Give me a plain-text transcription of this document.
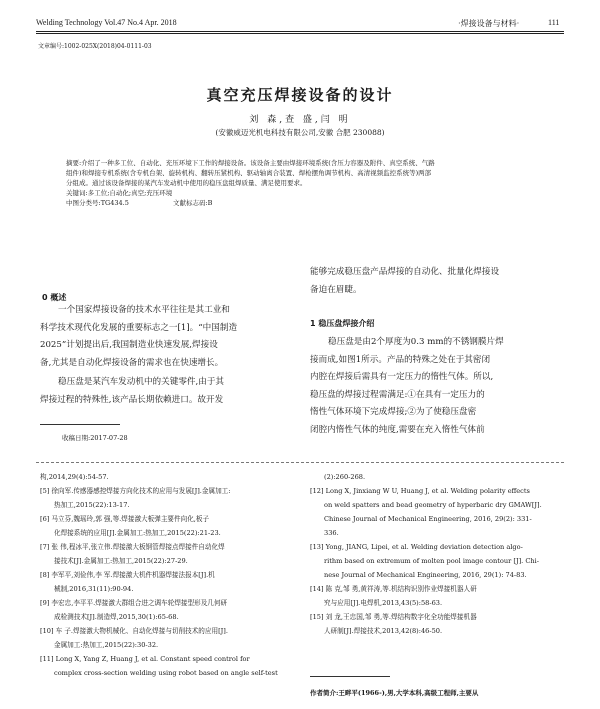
Welding Technology Vol.47 No.4 Apr. 2018	·焊接设备与材料·	111
文章编号:1002-025X(2018)04-0111-03
真空充压焊接设备的设计
刘 森,查 盛,闫 明
(安徽威迈光机电科技有限公司,安徽 合肥 230088)
摘要:介绍了一种多工位、自动化、充压环境下工作的焊接设备。该设备主要由焊接环境系统(含压力容器及附件、真空系统、气路
组件)和焊接专机系统(含专机台架、旋转机构、翻转压紧机构、驱动轴离合装置、焊枪摆角调节机构、高清视频监控系统等)两部
分组成。通过该设备焊接的某汽车发动机中使用的稳压盘组焊质量、满足使用要求。
关键词:多工位;自动化;真空;充压环境
中图分类号:TG434.5	文献标志码:B
0 概述
一个国家焊接设备的技术水平往往是其工业和
科学技术现代化发展的重要标志之一[1]。“中国制造
2025”计划提出后,我国制造业快速发展,焊接设
备,尤其是自动化焊接设备的需求也在快速增长。
稳压盘是某汽车发动机中的关键零件,由于其
焊接过程的特殊性,该产品长期依赖进口。故开发
收稿日期:2017-07-28
能够完成稳压盘产品焊接的自动化、批量化焊接设
备迫在眉睫。
1 稳压盘焊接介绍
稳压盘是由2个厚度为0.3 mm的不锈钢膜片焊
接而成,如图1所示。产品的特殊之处在于其密闭
内腔在焊接后需具有一定压力的惰性气体。所以,
稳压盘的焊接过程需满足:①在具有一定压力的
惰性气体环境下完成焊接;②为了使稳压盘密
闭腔内惰性气体的纯度,需要在充入惰性气体前
构,2014,29(4):54-57.
[5] 徐向军.传感器感控焊接方向化技术的应用与发展[J].金属加工:
热加工,2015(22):13-17.
[6] 马立芬,魏瑶玲,郭 强,等.焊接激大板弹主要件向化,板子
化焊接系统的应用[J].金属加工:热加工,2015(22):21-23.
[7] 张 伟,程冰平,张立伟.焊接激大板钢管焊接点焊接件自动化焊
接技术[J].金属加工:热加工,2015(22):27-29.
[8] 李军平,刘俭伟,李 军.焊接激大机件机器焊接法报本[J].机
械制,2016,31(11):90-94.
[9] 李宏忠,李平平.焊接激大群组合进之调车轮焊接型形及几何研
成检测技术[J].制造焊,2015,30(1):65-68.
[10] 车 子.焊接激大物机械化、自动化焊接与切削技术的应用[J].
金属加工:热加工,2015(22):30-32.
[11] Long X, Yang Z, Huang J, et al. Constant speed control for
complex cross-section welding using robot based on angle self-test
(2):260-268.
[12] Long X, Jinxiang W U, Huang J, et al. Welding polarity effects
on weld spatters and bead geometry of hyperbaric dry GMAW[J].
Chinese Journal of Mechanical Engineering, 2016, 29(2): 331-
336.
[13] Yong, JIANG, Lipei, et al. Welding deviation detection algo-
rithm based on extremum of molten pool image contour [J]. Chi-
nese Journal of Mechanical Engineering, 2016, 29(1): 74-83.
[14] 陈 克,邹 勇,黄祥涛,等.机结构识别作业焊接机器人研
究与应用[J].电焊机,2013,43(5):58-63.
[15] 刘 龙,王忠国,邹 勇,等.焊结构数字化全功能焊接机器
人研制[J].焊接技术,2013,42(8):46-50.
作者简介:王畔平(1966-),男,大学本科,高级工程师,主要从
